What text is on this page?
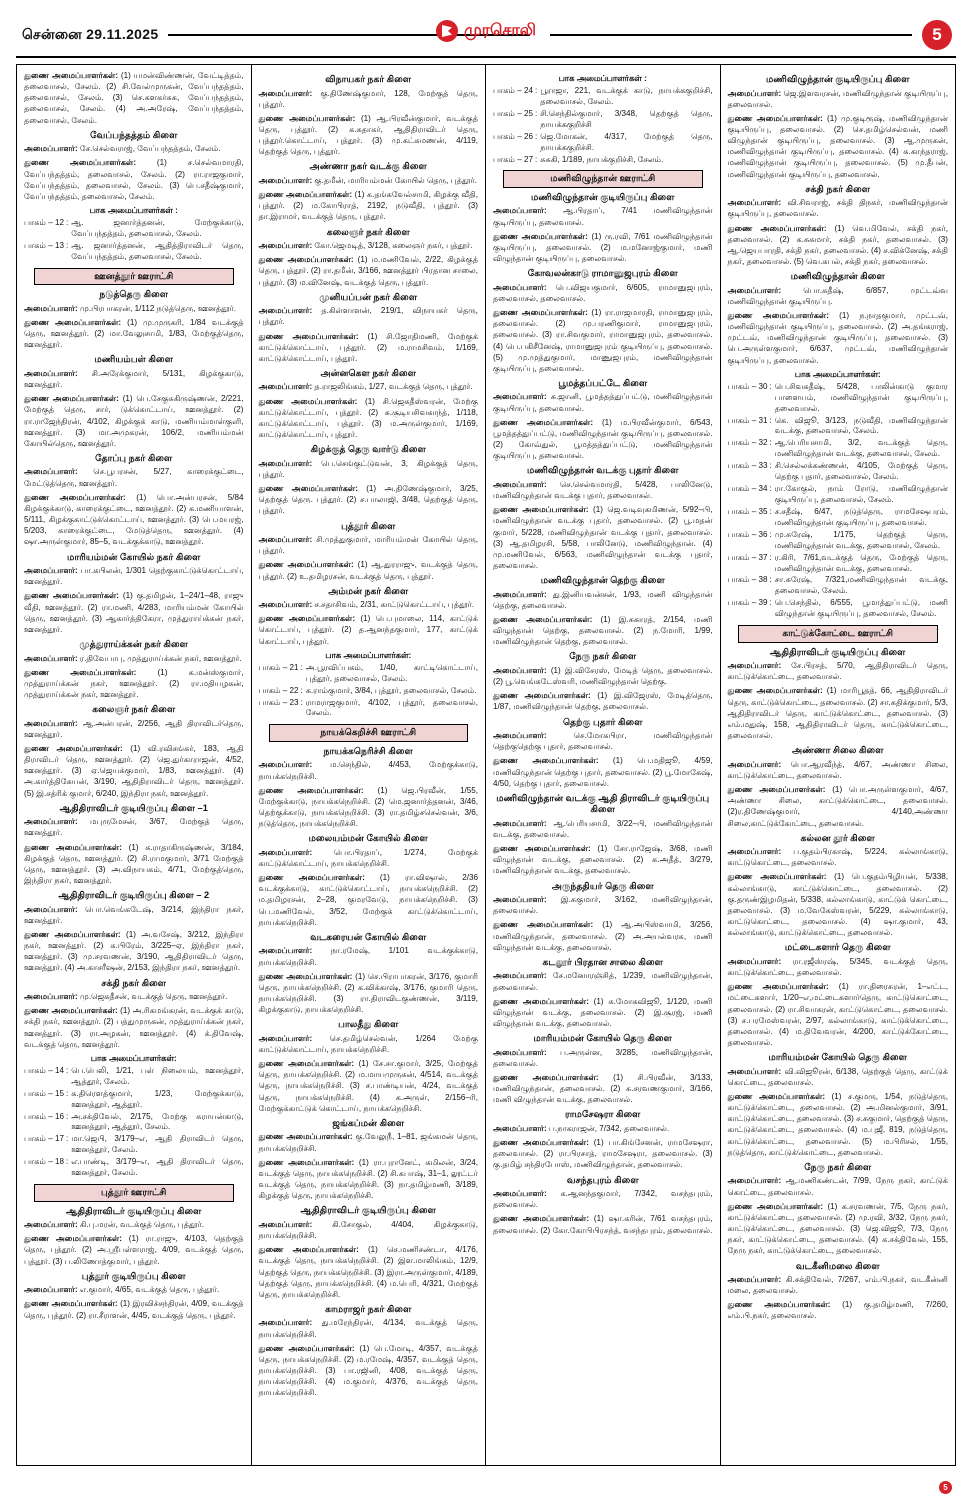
சென்னை 29.11.2025	முரசொலி	5

துணை அமைப்பாளர்கள்: (1) யமன்விண்ணன், வேட்டித்தம், தலைவாசல், சேலம். (2) சி.வேல்முருகன், வேப்பந்தத்தம், தலைவாசல், சேலம். (3) செ.களகர்சுக, வேப்பந்தத்தம், தலைவாசல், சேலம். (4) அ.அரேஷ், வேப்பந்தத்தம், தலைவாசல், சேலம்.

வேப்பந்தத்தம் கிளை

அமைப்பாளர்: சே.செல்வராஜ், வேப்பந்தத்தம், சேலம்.

துணை அமைப்பாளர்கள்: (1) ச.செல்வமாரதி, வேப்பந்தத்தம், தலைவாசல், சேலம். (2) ரா.ராஜகுமார், வேப்பந்தத்தம், தலைவாசல், சேலம். (3) பெ.சதீஷ்குமார், வேப்பந்தத்தம், தலைவாசல், சேலம்.

பாக அமைப்பாளர்கள் :
பாகம் – 12 : ஆ. ஜனார்த்தனன், மேற்குக்காடு, வேப்பந்தத்தம், தலைவாசல், சேலம்.
பாகம் – 13 : ஆ. ஜனார்த்தனன், ஆதித்திராவிடர் தெரு, வேப்பந்தத்தம், தலைவாசல், சேலம்.
ஊனத்தூர் ஊராட்சி
நடுத்தெரு கிளை

அமைப்பாளர்: மு.பிரபாகரன், 1/112 நடுத்தெரு, ஊனத்தூர்.

துணை அமைப்பாளர்கள்: (1) மு.முருகரி, 1/84 வடக்குத் தெரு, ஊனத்தூர். (2) மா.வேலுசாமி, 1/83, மேற்குத்தெரு, ஊனத்தூர்.

மணியம்பள் கிளை

அமைப்பாளர்: சி.அரேக்குமார், 5/131, கிழக்குகாடு, ஊனத்தூர்.

துணை அமைப்பாளர்கள்: (1) பெ.சேகுசுகிருஷ்ணன், 2/221, மேற்குத் தெரு, சார், டுக்கொட்டாய், ஊனத்தூர். (2) ரா.ராஜேந்திரன், 4/102, கிழக்குக் காடு, மணியம்மாள்குளி, ஊனத்தூர். (3) மா.அமுகரன், 106/2, மணியம்மன் கோயில்தெரு, ஊனத்தூர்.

தோப்பு நகர் கிளை

அமைப்பாளர்: செ.பூபரசன், 5/27, காரைக்குட்டை, மேட்டுத்தெரு, ஊனத்தூர்.

துணை அமைப்பாளர்கள்: (1) பொ.அன்பரசன், 5/84 கிழக்குக்காடு, காரைக்குட்டை, ஊனத்தூர். (2) க.மணியாளன், 5/111, கிழக்குகாட்டுக்கொட்டாய், ஊனத்தூர். (3) பெ.மயரஜ், 5/203, காரைக்குட்டை, மேடுத்தெரு, ஊனத்தூர். (4) ஷா.அருள்குமார், 85–5, வடக்குக்காடு, ஊனத்தூர்.

மாரியம்மன் கோயில் நகர் கிளை

அமைப்பாளர்: பா.கபிலன், 1/301 தெற்குகாட்டுக்கொட்டாய், ஊனத்தூர்.

துணை அமைப்பாளர்கள்: (1) கு.தமிழன், 1–24/1–48, ராஜு வீதி, ஊனத்தூர். (2) ரா.மணி, 4/283, மாரியம்மன் கோயில் தெரு, ஊனத்தூர். (3) ஆகார்த்திகேரா, முத்துராய்க்கன் நகர், ஊனத்தூர்.

முத்துராய்க்கன் நகர் கிளை

அமைப்பாளர்: ர.திவேபாபு, முத்துராய்க்கன் நகர், ஊனத்தூர்.

துணை அமைப்பாளர்கள்: (1) க.மன்ஸ்குமார், முத்துராய்க்கன் நகர், ஊனத்தூர். (2) ரா.மதியழகன், முத்துராய்க்கன் நகர், ஊனத்தூர்.

கலைஞர் நகர் கிளை

அமைப்பாளர்: ஆ.அன்பரன், 2/256, ஆதி திராவிடர்தெரு, ஊனத்தூர்.

துணை அமைப்பாளர்கள்: (1) வி.ரவிசங்கர், 183, ஆதி திராவிடர் தெரு, ஊனத்தூர். (2) ஜெ.துர்காராஜன், 4/52, ஊனத்தூர். (3) ஏ.ஜெயக்குமார், 1/83, ஊனத்தூர். (4) அ.கார்த்திகேயன், 3/190, ஆதிதிராவிடர் தெரு, ஊனத்தூர். (5) இ.சத்ரிக் குமார், 6/240, இந்திரா நகர், ஊனத்தூர்.

ஆதிதிராவிடர் குடியிருப்பு கிளை –1

அமைப்பாளர்: மபுருமேசன், 3/67, மேற்குத் தெரு, ஊனத்தூர்.

துணை அமைப்பாளர்கள்: (1) க.ராதாகிருஷ்ணன், 3/184, கிழக்குத் தெரு, ஊனத்தூர். (2) சி.ராமகுமார், 3/71 மேற்குத் தெரு, ஊனத்தூர். (3) அ.விநாயகம், 4/71, மேற்குத்தெரு, இந்திரா நகர், ஊனத்தூர்.

ஆதிதிராவிடர் குடியிருப்பு கிளை – 2

அமைப்பாளர்: பொ.வெங்கடேஷ், 3/214, இந்திரா நகர், ஊனத்தூர்.

துணை அமைப்பாளர்கள்: (1) அ.வசேஷ், 3/212, இந்திரா நகர், ஊனத்தூர். (2) க.பிரேம், 3/225–ஏ, இந்திரா நகர், ஊனத்தூர். (3) மு.சரவணன், 3/190, ஆதிதிராவிடர் தெரு, ஊனத்தூர். (4) அ.காசரீஷன், 2/153, இந்திரா நகர், ஊனத்தூர்.

சக்தி நகர் கிளை

அமைப்பாளர்: மு.ஜெகதீசன், வடக்குத் தெரு, ஊனத்தூர்.

துணை அமைப்பாளர்கள்: (1) அ.ரிகமங்கரன், வடக்குக் காடு, சக்தி நகர், ஊனத்தூர். (2) பத்துமுருகன், முத்துராய்க்கன் நகர், ஊனத்தூர். (3) ரா.அழகன், ஊனத்தூர். (4) க்.திவேஷ், வடக்குத் தெரு, ஊனத்தூர்.

பாக அமைப்பாளர்கள்:
பாகம் – 14 : பெ.பெலி, 1/21, பள் நிலையம், ஊனத்தூர், ஆத்தூர், சேலம்.
பாகம் – 15 : க.திரௌத்குமார், 1/23, மேற்குக்காடு, ஊனத்தூர், ஆத்தூர்.
பாகம் – 16 : அ.சக்திவேல், 2/175, மேற்கு சுராயன்காடு, ஊனத்தூர், ஆத்தூர், சேலம்.
பாகம் – 17 : மா.ஜெபி, 3/179–எ, ஆதி திராவிடர் தெரு, ஊனத்தூர், சேலம்.
பாகம் – 18 : எ.பாண்டி, 3/179–எ, ஆதி திராவிடர் தெரு, ஊனத்தூர், சேலம்.
புத்தூர் ஊராட்சி
ஆதிதிராவிடர் குடியிருப்பு கிளை

அமைப்பாளர்: கி.பு.மரன், வடக்குத் தெரு, புத்தூர்.

துணை அமைப்பாளர்கள்: (1) ரா.ராஜு, 4/103, தெற்குத் தெரு, புத்தூர். (2) அ.ஸ்ரீபள்ளராஜ், 4/09, வடக்குத் தெரு, புத்தூர். (3) ப.லிணோத்குமார், புத்தூர்.

புத்தூர் குடியிருப்பு கிளை

அமைப்பாளர்: எ.குமார், 4/65, வடக்குத் தெரு, புத்தூர்.

துணை அமைப்பாளர்கள்: (1) இரவிச்சந்திரன், 4/09, வடக்குத் தெரு, புத்தூர். (2) ரா.சீராளன், 4/45, வடக்குத் தெரு, புத்தூர்.

விநாயகர் நகர் கிளை

அமைப்பாளர்: கு.திணேஷ்குமார், 128, மேற்குத் தெரு, புத்தூர்.

துணை அமைப்பாளர்கள்: (1) ஆ.பிரவீன்குமார், வடக்குத் தெரு, புத்தூர். (2) க.கதாகர், ஆதிதிராவிடர் தெரு, புத்தூர்.கொட்டாய், புத்தூர். (3) மு.கட்சுமணன், 4/119, தெற்குத் தெரு, புத்தூர்.

அண்ணா நகர் வடக்கு கிளை

அமைப்பாளர்: கு.தமீன், மாரியம்மன் கோயில் தெரு, புத்தூர்.

துணை அமைப்பாளர்கள்: (1) க.தங்கவேல்சாமி, கிழக்கு வீதி, புத்தூர். (2) ம.கோபிராத், 2192, நடுவீதி, புத்தூர். (3) தா.இராமர், வடக்குத் தெரு, புத்தூர்.

கலைஞர் நகர் கிளை

அமைப்பாளர்: கோ.ஜெமடித், 3/128, கலைஞர் நகர், புத்தூர்.

துணை அமைப்பாளர்கள்: (1) ம.மணிவேல், 2/22, கிழக்குத் தெரு, புத்தூர். (2) ரா.தமீன், 3/166, ஊனத்தூர் பிரதான சாலை, புத்தூர். (3) ம.வினேஷ், வடக்குத் தெரு, புத்தூர்.

முனியப்பன் நகர் கிளை

அமைப்பாளர்: த.கிள்ளாளன், 219/1, விநாயகர் தெரு, புத்தூர்.

துணை அமைப்பாளர்கள்: (1) சி.ஜோதிமணி, மேற்குக் காட்டுக்கொட்டாய், புத்தூர். (2) ம.ராமசிவம், 1/169, காட்டுக்கொட்டாய், புத்தூர்.

அன்னகௌ நகர் கிளை

அமைப்பாளர்: த.ராஜலிங்கம், 1/27, வடக்குத் தெரு, புத்தூர்.

துணை அமைப்பாளர்கள்: (1) சி.ஜெகதீஸ்வரன், மேற்கு காட்டுக்கொட்டாய், புத்தூர். (2) சு.சூடியசிவகாந்த், 1/118, காட்டுக்கொட்டாய், புத்தூர். (3) ம.அருள்குமார், 1/169, காட்டுக்கொட்டாய், புத்தூர்.

கிழக்குத் தெரு வார்டு கிளை

அமைப்பாளர்: பெ.செங்குட்டுவன், 3, கிழக்குத் தெரு, புத்தூர்.

துணை அமைப்பாளர்கள்: (1) அ.திணேஷ்குமார், 3/25, தெற்குத் தெரு. புத்தூர். (2) ச.பாலாஜி, 3/48, தெற்குத் தெரு, புத்தூர்.

புத்தூர் கிளை

அமைப்பாளர்: சி.முத்துகுமார், மாரியம்மன் கோயில் தெரு, புத்தூர்.

துணை அமைப்பாளர்கள்: (1) ஆ.துரராஜு, வடக்குத் தெரு, புத்தூர். (2) உ.தமிழரசன், வடக்குத் தெரு, புத்தூர்.

அம்மன் நகர் கிளை

அமைப்பாளர்: ச.சதாசிவம், 2/31, காட்டுகொட்டாய், புத்தூர்.

துணை அமைப்பாளர்கள்: (1) பெ.புமாலை, 114, காட்டுக் கொட்டாய், புத்தூர். (2) த.ஆனந்தகுமார், 177, காட்டுக் கொட்டாய், புத்தூர்.

பாக அமைப்பாளர்கள்:
பாகம் – 21 : அ.பூரவிப்பகம், 1/40, காட்டிகொட்டாய், புத்தூர், தலைவாசல், சேலம்.
பாகம் – 22 : க.ராம்குமார், 3/84, புத்தூர், தலைவாசல், சேலம்.
பாகம் – 23 : ராமராஜகுமார், 4/102, புத்தூர், தலைவாசல், சேலம்.
நாயக்கெறிச்சி ஊராட்சி
நாயக்கநெரிச்சி கிளை

அமைப்பாளர்: ம.செந்தில், 4/453, மேற்குக்காடு, நாயக்கநெறிச்சி.

துணை அமைப்பாளர்கள்: (1) ஜெ.பிரவீன், 1/55, மேற்குக்காடு, நாயக்கநெறிச்சி. (2) மெ.ஜனார்த்தனன், 3/46, தெற்குக்காடு, நாயக்கநெறிச்சி. (3) ரா.தமிழ்சசெல்வன், 3/6, நடுத்தெரு, நாயக்கநெறிச்சி.

மலையம்மன் கோயில் கிளை

அமைப்பாளர்: பொ.பிரதாப், 1/274, மேற்குக் காட்டுக்கொட்டாய், நாயக்கநெறிச்சி.

துணை அமைப்பாளர்கள்: (1) ரா.விஷால், 2/36 வடக்குக்காடு, காட்டுக்கொட்டாய், நாயக்கநெறிச்சி. (2) ம.தமிழரசன், 2–28, குமரவேடு, நாயக்கநெறிச்சி. (3) பெ.மணிவேல், 3/52, மேற்குக் காட்டுக்கொட்டாய், நாயக்கநெறிச்சி.

வடகரையன் கோயில் கிளை

அமைப்பாளர்: நா.ரமேஷ், 1/101 வடக்குக்காடு, நாயக்கநெறிச்சி.

துணை அமைப்பாளர்கள்: (1) செ.பிராபாகரன், 3/176, குமாரி தெரு, நாயக்கநெறிச்சி. (2) க.விக்காஷ், 3/176, குமாரி தெரு, நாயக்கநெறிச்சி. (3) ரா.திராவிடகுண்ணன், 3/119, கிழக்குகாடு, நாயக்கநெறிச்சி.

பாலதீது கிளை

அமைப்பாளர்: செ.தமிழ்செல்வன், 1/264 மேற்கு காட்டுக்கொட்டாய், நாயக்கநெறிச்சி.

துணை அமைப்பாளர்கள்: (1) சே.சா.குமார், 3/25, மேற்குத் தெரு, நாயக்கநெறிச்சி. (2) ம.மாயமுருகன், 4/514, வடக்குத் தெரு, நாயக்கநெறிச்சி. (3) ச.பாண்டியன், 4/24, வடக்குத் தெரு, நாயக்கநெறிச்சி. (4) க.அருள், 2/156–ரி, மேற்குக்காட்டுக் கொட்டாய், நாயக்கநெறிச்சி.

ஜங்கப்மன் கிளை

துணை அமைப்பாளர்கள்: கு.வேலுநீ, 1–81, ஜங்கமன் தெரு, நாயக்கநெறிச்சி.

துணை அமைப்பாளர்கள்: (1) ரா.புரானேட், கமிலன், 3/24, வடக்குத் தெரு, நாயக்கநெறிச்சி. (2) சி.கபாஷ், 31–1, லூட்டர் வடக்குத் தெரு, நாயக்கநெறிச்சி. (3) நா.தமிழ்மணி, 3/189, கிழக்குத் தெரு, நாயக்கநெறிச்சி.

ஆதிதிராவிடர் குடியிருப்பு கிளை

அமைப்பாளர்: கி.சோகுல், 4/404, கிழக்குகாடு, நாயக்கநெறிச்சி.

துணை அமைப்பாளர்கள்: (1) செ.மணிசண்டா, 4/176, வடக்குத் தெரு, நாயக்கநெறிச்சி. (2) இள.மாலிங்கம், 12/9, தெற்குத் தெரு, நாயக்கநெறிச்சி. (3) இரா.அருள்குமார், 4/189, தெற்குத் தெரு, நாயக்கநெறிச்சி. (4) ம.பெரி, 4/321, மேற்குத் தெரு, நாயக்கநெறிச்சி.

காமராஜர் நகர் கிளை

அமைப்பாளர்: து.மரேந்திரன், 4/134, வடக்குத் தெரு, நாயக்கநெறிச்சி.

துணை அமைப்பாளர்கள்: (1) பெ.மோடி, 4/357, வடக்குத் தெரு, நாயக்கநெறிச்சி. (2) ம.ரமேஷ், 4/357, வடக்குத் தெரு, நாயக்கநெறிச்சி. (3) பா.ரஜினி, 4/08, வடக்குத் தெரு, நாயக்கநெறிச்சி. (4) ம.குமார், 4/376, வடக்குத் தெரு, நாயக்கநெறிச்சி.

பாக அமைப்பாளர்கள் :
பாகம் – 24 : பூராஜா, 221, வடக்குக் காடு, நாயக்ககுறிச்சி, தலைவாசல், சேலம்.
பாகம் – 25 : சி.செந்தில்குமார், 3/348, தெற்குத் தெரு, நாயக்ககுறிச்சி
பாகம் – 26 : ஜெ.மோகன், 4/317, மேற்குத் தெரு, நாயக்ககுறிச்சி.
பாகம் – 27 : சுசுகி, 1/189, நாயக்குறிச்சி, சேலம்.
மணிவிழுந்தான் ஊராட்சி
மணிவிழுந்தான் குடியிருப்பு கிளை

அமைப்பாளர்: ஆ.பிரதாப், 7/41 மணிவிழுந்தான் குடியிருப்பு, தலைவாசல்.

துணை அமைப்பாளர்கள்: (1) ரு.ரவி, 7/61 மணிவிழுந்தான் குடியிருப்பு, தலைவாசல். (2) ம.மனோஜ்குமார், மணி விழுந்தான் குடியிருப்பு, தலைவாசல்.

கோவலன்காடு ராமானுஜபுரம் கிளை

அமைப்பாளர்: பெ.விஜயகுமார், 6/605, ராமானுஜபுரம், தலைவாசல், தலைவாசல்.

துணை அமைப்பாளர்கள்: (1) ரா.ராஜமாரதி, ராமானுஜபுரம், தலைவாசல். (2) மு.பரணிகுமார், ராமானுஜபுரம், தலைவாசல். (3) ரா.சிவகுமார், ராமானுஜபுரம், தலைவாசல். (4) பெ.பகிசீனேஷ், ராமானுஜபுரம் குடியிருப்பு, தலைவாசல். (5) மு.முத்துகுமார், மாணுஜபுரம், மணிவிழுந்தான் குடியிருப்பு, தலைவாசல்.

பூமத்தப்பட்டே கிளை

அமைப்பாளர்: சு.ஜானி, பூமத்தத்துப்பட்டு, மணிவிழுந்தான் குடியிருப்பு, தலைவாசல்.

துணை அமைப்பாளர்கள்: (1) ம.பிரவீன்குமார், 6/543, பூமத்தத்துப்பட்டு, மணிவிழுந்தான் குடியிருப்பு, தலைவாசல். (2) கோவ்துல், பூமத்தத்துப்பட்டு, மணிவிழுந்தான் குடியிருப்பு, தலைவாசல்.

மணிவிழுந்தான் வடக்கு புதார் கிளை

அமைப்பாளர்: செ.செல்வமாரதி, 5/428, பாலினேடு, மணிவிழுந்தான் வடக்கு புதார், தலைவாசல்.

துணை அமைப்பாளர்கள்: (1) ஜெ.வடிவுகமிணன், 5/92–பி, மணிவிழுந்தான் வடக்கு புதார், தலைவாசல். (2) பூ.மதன் குமார், 5/228, மணிவிழுந்தான் வடக்கு புதார், தலைவாசல். (3) ஆ.தமிழரசி, 5/58, பாலினேடு, மணிவிழுந்தான். (4) மு.மணிவேல், 6/563, மணிவிழுந்தான் வடக்கு புதார், தலைவாசல்.

மணிவிழுந்தான் தெற்கு கிளை

அமைப்பாளர்: து.இனியவன்சன், 1/93, மணி விழுந்தான் தெற்கு, தலைவாசல்.

துணை அமைப்பாளர்கள்: (1) இ.சுகாரத், 2/154, மணி விழுந்தான் தெற்கு, தலைவாசல். (2) ந.மோரி, 1/99, மணிவிழுந்தான் தெற்கு, தலைவாசல்.

நேரு நகர் கிளை

அமைப்பாளர்: (1) இ.விசேரஸ், மேடித் தெரு, தலைவாசல். (2) பூ.வெங்கடேஸ்வரி, மணிவிழுந்தான் தெற்கு.

துணை அமைப்பாளர்கள்: (1) இ.விஜேரஸ், மேடித்தெரு, 1/87, மணிவிழுந்தான் தெற்கு, தலைவாசல்.

தெற்கு புதார் கிளை

அமைப்பாளர்: செ.மோகபிரா, மணிவிழுந்தான் தெற்குதெற்கு புதார், தலைவாசல்.

துணை அமைப்பாளர்கள்: (1) பெ.மதிஜூ, 4/59, மணிவிழுந்தான் தெற்கு புதார், தலைவாசல். (2) பூ.மோகேஷ், 4/50, தெற்கு புதார், தலைவாசல்.

மணிவிழுந்தான் வடக்கு ஆதி திராவிடர் குடியிருப்பு கிளை

அமைப்பாளர்: ஆ.பெரியசாமி, 3/22–பி, மணிவிழுந்தான் வடக்கு, தலைவாசல்.

துணை அமைப்பாளர்கள்: (1) சோ.ராஜேஷ், 3/68, மணி விழுந்தான் வடக்கு, தலைவாசல். (2) க.அதீத், 3/279, மணிவிழுந்தான் வடக்கு, தலைவாசல்.

அருந்ததியர் தெரு கிளை

அமைப்பாளர்: இ.சுகுமார், 3/162, மணிவிழுந்தான், தலைவாசல்.

துணை அமைப்பாளர்கள்: (1) ஆ.அபிஸ்வாமி, 3/256, மணிவிழுந்தான், தலைவாசல். (2) அ.அயல்வரசு, மணி விழுந்தான் வடக்கு, தலைவாசல்.

கடலூர் பிரதான சாலை கிளை

அமைப்பாளர்: சே.மனோரஞ்சித், 1/239, மணிவிழுந்தான், தலைவாசல்.

துணை அமைப்பாளர்கள்: (1) சு.மோகவிஜூ, 1/120, மணி விழுந்தான் வடக்கு, தலைவாசல். (2) இ.சூரஜ், மணி விழுந்தான் வடக்கு, தலைவாசல்.

மாரியம்மன் கோயில் தெரு கிளை

அமைப்பாளர்: ப.அருள்ன, 3/285, மணிவிழுந்தான், தலைவாசல்.

துணை அமைப்பாளர்கள்: (1) சி.பிரவீன், 3/133, மணிவிழுந்தான், தலைவாசல். (2) சு.சரவணகுமார், 3/166, மணி விழுந்தான் வடக்கு, தலைவாசல்.

ராமசேஷரா கிளை

அமைப்பாளர்: ப.நாகராஜன், 7/342, தலைவாசல்.

துணை அமைப்பாளர்கள்: (1) பா.கிங்சேனன், ராமசேஷரா, தலைவாசல். (2) ரா.பிரசாத், ராமசேஷரா, தலைவாசல். (3) கு.தமிழ் சந்திரபோஸ், மணிவிழுந்தான், தலைவாசல்.

வசந்தபுரம் கிளை

அமைப்பாளர்: க.ஆனந்தகுமார், 7/342, வசந்தபுரம், தலைவாசல்.

துணை அமைப்பாளர்கள்: (1) ஷா.கரின், 7/61 வசந்தபுரம், தலைவாசல். (2) கோ.கோபிபிரசந்த், வசந்தபுரம், தலைவாசல்.

மணிவிழுந்தான் குடியிருப்பு கிளை

அமைப்பாளர்: ஜெ.இளவரசன், மணிவிழுந்தான் குடியிருப்பு, தலைவாசல்.

துணை அமைப்பாளர்கள்: (1) மு.குடிரூஷ், மணிவிழுந்தான் குடியிருப்பு, தலைவாசல். (2) செ.தமிழ்செல்வன், மணி விழுந்தான் குடியிருப்பு, தலைவாசல். (3) ஆ.முருகன், மணிவிழுந்தான் குடியிருப்பு, தலைவாசல். (4) க.காந்தராஜ், மணிவிழுந்தான் குடியிருப்பு, தலைவாசல். (5) மு.தீபன், மணிவிழுந்தான் குடியிருப்பு, தலைவாசல்.

சக்தி நகர் கிளை

அமைப்பாளர்: வி.சிவராஜ், சக்தி திநகர், மணிவிழுந்தான் குடியிருப்பு, தலைவாசல்.

துணை அமைப்பாளர்கள்: (1) வெ.மிவேல், சக்தி நகர், தலைவாசல். (2) க.சுசுமார், சக்தி நகர், தலைவாசல். (3) ஆ.ஜெயபாரதி, சக்தி நகர், தலைவாசல். (4) ச.விக்னேஷ், சக்தி நகர், தலைவாசல். (5) வெ.கபல், சக்தி நகர், தலைவாசல்.

மணிவிழுந்தான் கிளை

அமைப்பாளர்: பொ.சுதீஷ், 6/857, முட்டவ்வ மணிவிழுந்தான் குடியிருப்பு.

துணை அமைப்பாளர்கள்: (1) ந.நாதகுமார், முட்டவ், மணிவிழுந்தான் குடியிருப்பு, தலைவாசல். (2) அ.தங்கராஜ், முட்டவ், மணிவிழுந்தான் குடியிருப்பு, தலைவாசல். (3) பெ.அருள்ளகுமார், 6/637, முட்டவ், மணிவிழுந்தான் குடியிருப்பு, தலைவாசல்.

பாக அமைப்பாளர்கள்:
பாகம் – 30 : பெ.சிவகதீஷ், 5/428, பாலின்காடு குமார பாளையம், மணிவிழுந்தான் குடியிருப்பு, தலைவாசல்.
பாகம் – 31 : கெ. விஜூ, 3/123, நடுவீதி, மணிவிழுந்தான் வடக்கு, தலைவாசல், சேலம்.
பாகம் – 32 : ஆ.பெரியசாமி, 3/2, வடக்குத் தெரு, மணிவிழுந்தான் வடக்கு, தலைவாசல், சேலம்.
பாகம் – 33 : சி.செல்லக்கண்ணன், 4/105, மேற்குத் தெரு, தெற்கு புதார், தலைவாசல், சேலம்.
பாகம் – 34 : ரா.கோகுல், நாம் ரோடு, மணிவிழுந்தான் குடியிருப்பு, தலைவாசல், சேலம்.
பாகம் – 35 : ச.சதீஷ், 6/47, நடுத்தெரு, ராமசேஷபரம், மணிவிழுந்தான் குடியிருப்பு, தலைவாசல்.
பாகம் – 36 : மு.சுரேஷ், 1/175, தெற்குத் தெரு, மணிவிழுந்தான் வடக்கு, தலைவாசல், சேலம்.
பாகம் – 37 : ர.கிரி, 7/61,வடக்குத் தெரு, மேற்குத் தெரு, மணிவிழுந்தான் வடக்கு, தலைவாசல்.
பாகம் – 38 : சா.சுரேஷ், 7/321,மணிவிழுந்தான் வடக்கு, தலைவாசல், சேலம்.
பாகம் – 39 : பெ.செந்தில், 6/555, பூமாத்துப்பட்டு, மணி விழுந்தான் குடியிருப்பு, தலைவாசல், சேலம்.
காட்டுக்கோட்டை ஊராட்சி
ஆதிதிராவிடர் குடியிருப்பு கிளை

அமைப்பாளர்: சே.பிரசத், 5/70, ஆதிதிராவிடர் தெரு, காட்டுக்கொட்டை, தலைவாசல்.

துணை அமைப்பாளர்கள்: (1) மாரிபூதத், 66, ஆதிதிராவிடர் தெரு, காட்டுக்கொட்டை, தலைவாசல். (2) சா.கதிக்குமார், 5/3, ஆதிதிராவிடர் தெரு, காட்டுக்கொட்டை, தலைவாசல். (3) எம்.மதுஷ், 158, ஆதிதிராவிடர் தெரு, காட்டுக்கொட்டை, தலைவாசல்.

அண்ணா சிலை கிளை

அமைப்பாளர்: பொ.ஆரவீந்த், 4/67, அண்ணா சிலை, காட்டுக்கொட்டை, தலைவாசல்.

துணை அமைப்பாளர்கள்: (1) பொ.அருள்ளகுமார், 4/67, அண்ணா சிலை, காட்டுக்கொட்டை, தலைவாசல். (2)ர.திணேஷ்குமார், 4/140,அண்ணா சிலை,காட்டுக்கோட்டை, தலைவாசல்.

கல்லன தூர் கிளை

அமைப்பாளர்: ப.குதம்பிரகாஷ், 5/224, கல்லாங்காடு, காட்டுகொட்டை, தலைவாசல்.

துணை அமைப்பாளர்கள்: (1) பெ.குதம்பிழியன், 5/338, கல்லாங்காடு, காட்டுக்கொட்டை, தலைவாசல். (2) கு.தருண்இழமிதன், 5/338, கல்லாங்காடு, காட்டுக் கொட்டை, தலைவாசல். (3) ம.வேகேஸ்வரன், 5/229, கல்லாங்காடு, காட்டுகொட்டை, தலைவாசல். (4) ஷா.குமார், 43, கல்லாங்காடு, காட்டுக்கொட்டை, தலைவாசல்.

மட்டைகளார் தெரு கிளை

அமைப்பாளர்: ரா.ரஜீஸ்ரஷ், 5/345, வடக்குத் தெரு, காட்டுக்கொட்டை, தலைவாசல்.

துணை அமைப்பாளர்கள்: (1) ரா.திரைசுரன், 1–எட்ட, மட்டைகளார், 1/20–எ,மட்டைகளார்தெரு, காட்டுகொட்டை, தலைவாசல். (2) ரா.சிவாகரன், காட்டுகொட்டை, தலைவாசல். (3) ச.பரமேஸ்வரன், 2/97, கல்லாங்காடு, காட்டுக்கொட்டை, தலைவாசல். (4) ம.திவேவரன், 4/200, காட்டுக்கோட்டை, தலைவாசல்.

மாரியம்மன் கோயில் தெரு கிளை

அமைப்பாளர்: வி.விஜூரன், 6/138, தெற்குத் தெரு, காட்டுக் கொட்டை, தலைவாசல்.

துணை அமைப்பாளர்கள்: (1) ச.குமரு, 1/54, நடுத்தெரு, காட்டுக்கொட்டை, தலைவாசல். (2) அ.மினல்குமார், 3/91, காட்டுக்கொட்டை, தலைவாசல். (3) ச.சுகுமார், தெற்குத் தெரு, காட்டுக்கொட்டை, தலைவாசல். (4) ம.புஜீ, 819, நடுத்தெரு, காட்டுக்கொட்டை, தலைவாசல். (5) ம.பிரிசல், 1/55, நடுத்தெரு, காட்டுக்கொட்டை, தலைவாசல்.

நேரு நகர் கிளை

அமைப்பாளர்: ஆ.மணிகண்டன், 7/99, நேரு நகர், காட்டுக் கொட்டை, தலைவாசல்.

துணை அமைப்பாளர்கள்: (1) க.சரவணன், 7/5, நேரு நகர், காட்டுக்கொட்டை, தலைவாசல். (2) மு.ரவி, 3/32, நேரு நகர், காட்டுக்கொட்டை, தலைவாசல். (3) ஜெ.விஜூ, 7/3, நேரு நகர், காட்டுக்கொட்டை, தலைவாசல். (4) க.சக்திவேல், 155, நேரு நகர், காட்டுக்கொட்டை, தலைவாசல்.

வடகீனிமலை கிளை

அமைப்பாளர்: கி.சக்திவேல், 7/267, எம்.பி.நகர், வடகீன்னி மலை, தலைவாசல்.

துணை அமைப்பாளர்கள்: (1) கு.தமிழ்மணி, 7/260, எம்.பி.நகர், தலைவாசல்.

5
